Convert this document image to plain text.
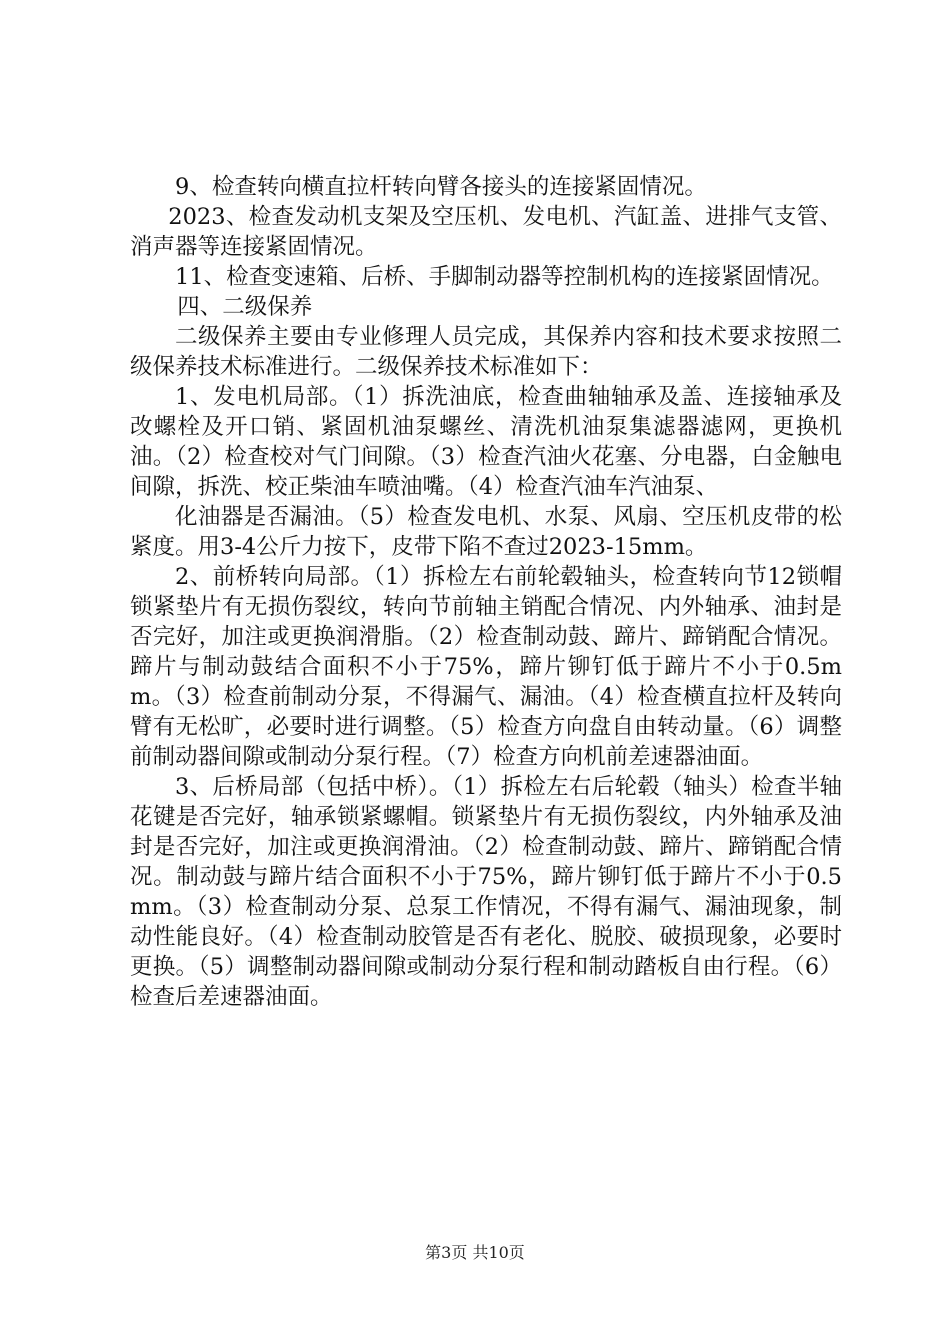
9、检查转向横直拉杆转向臂各接头的连接紧固情况。

2023、检查发动机支架及空压机、发电机、汽缸盖、进排气支管、消声器等连接紧固情况。

11、检查变速箱、后桥、手脚制动器等控制机构的连接紧固情况。

四、二级保养

二级保养主要由专业修理人员完成，其保养内容和技术要求按照二级保养技术标准进行。二级保养技术标准如下：

1、发电机局部。（1）拆洗油底，检查曲轴轴承及盖、连接轴承及改螺栓及开口销、紧固机油泵螺丝、清洗机油泵集滤器滤网，更换机油。（2）检查校对气门间隙。（3）检查汽油火花塞、分电器，白金触电间隙，拆洗、校正柴油车喷油嘴。（4）检查汽油车汽油泵、

化油器是否漏油。（5）检查发电机、水泵、风扇、空压机皮带的松紧度。用3-4公斤力按下，皮带下陷不查过2023-15mm。

2、前桥转向局部。（1）拆检左右前轮毂轴头，检查转向节12锁帽锁紧垫片有无损伤裂纹，转向节前轴主销配合情况、内外轴承、油封是否完好，加注或更换润滑脂。（2）检查制动鼓、蹄片、蹄销配合情况。蹄片与制动鼓结合面积不小于75%，蹄片铆钉低于蹄片不小于0.5mm。（3）检查前制动分泵，不得漏气、漏油。（4）检查横直拉杆及转向臂有无松旷，必要时进行调整。（5）检查方向盘自由转动量。（6）调整前制动器间隙或制动分泵行程。（7）检查方向机前差速器油面。

3、后桥局部（包括中桥）。（1）拆检左右后轮毂（轴头）检查半轴花键是否完好，轴承锁紧螺帽。锁紧垫片有无损伤裂纹，内外轴承及油封是否完好，加注或更换润滑油。（2）检查制动鼓、蹄片、蹄销配合情况。制动鼓与蹄片结合面积不小于75%，蹄片铆钉低于蹄片不小于0.5mm。（3）检查制动分泵、总泵工作情况，不得有漏气、漏油现象，制动性能良好。（4）检查制动胶管是否有老化、脱胶、破损现象，必要时更换。（5）调整制动器间隙或制动分泵行程和制动踏板自由行程。（6）检查后差速器油面。

第3页 共10页
